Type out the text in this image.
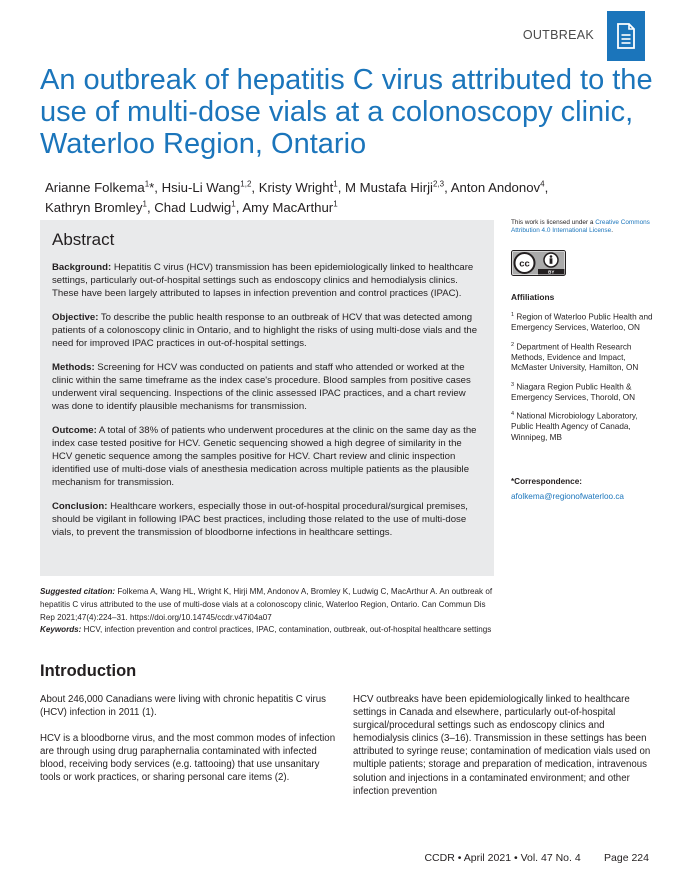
OUTBREAK
An outbreak of hepatitis C virus attributed to the use of multi-dose vials at a colonoscopy clinic, Waterloo Region, Ontario
Arianne Folkema$^1$*, Hsiu-Li Wang$^{1,2}$, Kristy Wright$^1$, M Mustafa Hirji$^{2,3}$, Anton Andonov$^4$,
Kathryn Bromley$^1$, Chad Ludwig$^1$, Amy MacArthur$^1$
Abstract

Background: Hepatitis C virus (HCV) transmission has been epidemiologically linked to healthcare settings, particularly out-of-hospital settings such as endoscopy clinics and hemodialysis clinics. These have been largely attributed to lapses in infection prevention and control practices (IPAC).

Objective: To describe the public health response to an outbreak of HCV that was detected among patients of a colonoscopy clinic in Ontario, and to highlight the risks of using multi-dose vials and the need for improved IPAC practices in out-of-hospital settings.

Methods: Screening for HCV was conducted on patients and staff who attended or worked at the clinic within the same timeframe as the index case's procedure. Blood samples from positive cases underwent viral sequencing. Inspections of the clinic assessed IPAC practices, and a chart review was done to identify plausible mechanisms for transmission.

Outcome: A total of 38% of patients who underwent procedures at the clinic on the same day as the index case tested positive for HCV. Genetic sequencing showed a high degree of similarity in the HCV genetic sequence among the samples positive for HCV. Chart review and clinic inspection identified use of multi-dose vials of anesthesia medication across multiple patients as the plausible mechanism for transmission.

Conclusion: Healthcare workers, especially those in out-of-hospital procedural/surgical premises, should be vigilant in following IPAC best practices, including those related to the use of multi-dose vials, to prevent the transmission of bloodborne infections in healthcare settings.

This work is licensed under a Creative Commons Attribution 4.0 International License.
cc
BY
Affiliations
$^1$ Region of Waterloo Public Health and Emergency Services, Waterloo, ON
$^2$ Department of Health Research Methods, Evidence and Impact, McMaster University, Hamilton, ON
$^3$ Niagara Region Public Health & Emergency Services, Thorold, ON
$^4$ National Microbiology Laboratory, Public Health Agency of Canada, Winnipeg, MB
*Correspondence:
afolkema@regionofwaterloo.ca
Suggested citation: Folkema A, Wang HL, Wright K, Hirji MM, Andonov A, Bromley K, Ludwig C, MacArthur A. An outbreak of hepatitis C virus attributed to the use of multi-dose vials at a colonoscopy clinic, Waterloo Region, Ontario. Can Commun Dis Rep 2021;47(4):224–31. https://doi.org/10.14745/ccdr.v47i04a07
Keywords: HCV, infection prevention and control practices, IPAC, contamination, outbreak, out-of-hospital healthcare settings
Introduction

About 246,000 Canadians were living with chronic hepatitis C virus (HCV) infection in 2011 (1).

HCV is a bloodborne virus, and the most common modes of infection are through using drug paraphernalia contaminated with infected blood, receiving body services (e.g. tattooing) that use unsanitary tools or work practices, or sharing personal care items (2).

HCV outbreaks have been epidemiologically linked to healthcare settings in Canada and elsewhere, particularly out-of-hospital surgical/procedural settings such as endoscopy clinics and hemodialysis clinics (3–16). Transmission in these settings has been attributed to syringe reuse; contamination of medication vials used on multiple patients; storage and preparation of medication, intravenous solution and injections in a contaminated environment; and other infection prevention

CCDR • April 2021 • Vol. 47 No. 4 Page 224
